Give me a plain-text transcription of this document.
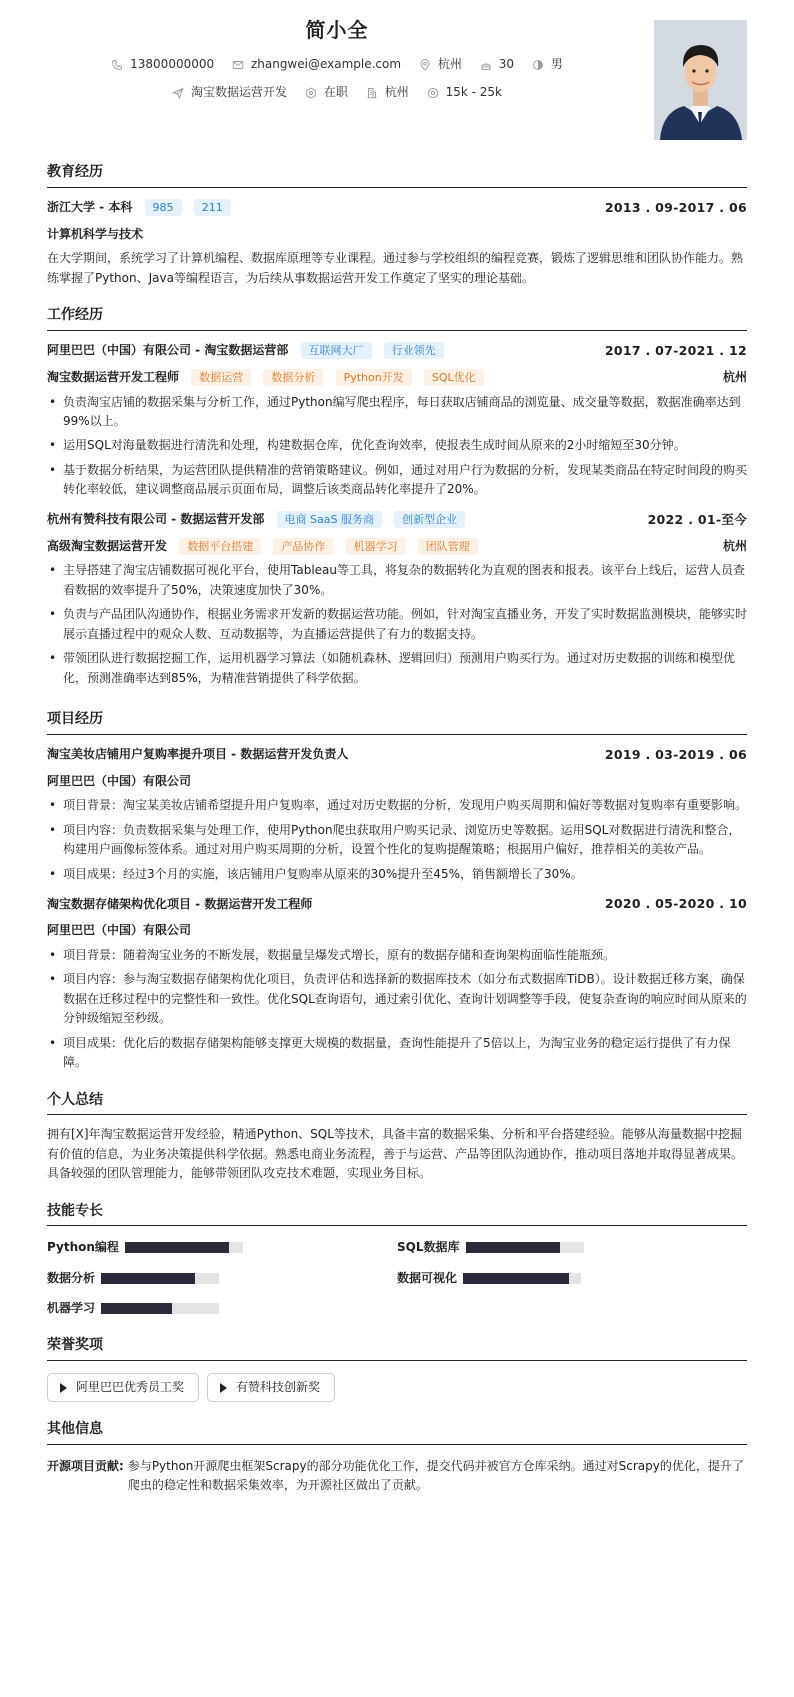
简小全
13800000000
	zhangwei@example.com
	杭州
	30
	男
淘宝数据运营开发
	在职
	杭州
	15k - 25k
教育经历
浙江大学 - 本科 985	211	2013 . 09-2017 . 06
计算机科学与技术
在大学期间，系统学习了计算机编程、数据库原理等专业课程。通过参与学校组织的编程竞赛，锻炼了逻辑思维和团队协作能力。熟练掌握了Python、Java等编程语言，为后续从事数据运营开发工作奠定了坚实的理论基础。
工作经历
阿里巴巴（中国）有限公司 - 淘宝数据运营部 互联网大厂	行业领先	2017 . 07-2021 . 12
淘宝数据运营开发工程师 数据运营	数据分析	Python开发	SQL优化	杭州
• 负责淘宝店铺的数据采集与分析工作，通过Python编写爬虫程序，每日获取店铺商品的浏览量、成交量等数据，数据准确率达到99%以上。
• 运用SQL对海量数据进行清洗和处理，构建数据仓库，优化查询效率，使报表生成时间从原来的2小时缩短至30分钟。
• 基于数据分析结果，为运营团队提供精准的营销策略建议。例如，通过对用户行为数据的分析，发现某类商品在特定时间段的购买转化率较低，建议调整商品展示页面布局，调整后该类商品转化率提升了20%。
杭州有赞科技有限公司 - 数据运营开发部 电商 SaaS 服务商	创新型企业	2022 . 01-至今
高级淘宝数据运营开发 数据平台搭建	产品协作	机器学习	团队管理	杭州
• 主导搭建了淘宝店铺数据可视化平台，使用Tableau等工具，将复杂的数据转化为直观的图表和报表。该平台上线后，运营人员查看数据的效率提升了50%，决策速度加快了30%。
• 负责与产品团队沟通协作，根据业务需求开发新的数据运营功能。例如，针对淘宝直播业务，开发了实时数据监测模块，能够实时展示直播过程中的观众人数、互动数据等，为直播运营提供了有力的数据支持。
• 带领团队进行数据挖掘工作，运用机器学习算法（如随机森林、逻辑回归）预测用户购买行为。通过对历史数据的训练和模型优化，预测准确率达到85%，为精准营销提供了科学依据。
项目经历
淘宝美妆店铺用户复购率提升项目 - 数据运营开发负责人	2019 . 03-2019 . 06
阿里巴巴（中国）有限公司
• 项目背景：淘宝某美妆店铺希望提升用户复购率，通过对历史数据的分析，发现用户购买周期和偏好等数据对复购率有重要影响。
• 项目内容：负责数据采集与处理工作，使用Python爬虫获取用户购买记录、浏览历史等数据。运用SQL对数据进行清洗和整合，构建用户画像标签体系。通过对用户购买周期的分析，设置个性化的复购提醒策略；根据用户偏好，推荐相关的美妆产品。
• 项目成果：经过3个月的实施，该店铺用户复购率从原来的30%提升至45%，销售额增长了30%。
淘宝数据存储架构优化项目 - 数据运营开发工程师	2020 . 05-2020 . 10
阿里巴巴（中国）有限公司
• 项目背景：随着淘宝业务的不断发展，数据量呈爆发式增长，原有的数据存储和查询架构面临性能瓶颈。
• 项目内容：参与淘宝数据存储架构优化项目，负责评估和选择新的数据库技术（如分布式数据库TiDB）。设计数据迁移方案，确保数据在迁移过程中的完整性和一致性。优化SQL查询语句，通过索引优化、查询计划调整等手段，使复杂查询的响应时间从原来的分钟级缩短至秒级。
• 项目成果：优化后的数据存储架构能够支撑更大规模的数据量，查询性能提升了5倍以上，为淘宝业务的稳定运行提供了有力保障。
个人总结
拥有[X]年淘宝数据运营开发经验，精通Python、SQL等技术，具备丰富的数据采集、分析和平台搭建经验。能够从海量数据中挖掘有价值的信息，为业务决策提供科学依据。熟悉电商业务流程，善于与运营、产品等团队沟通协作，推动项目落地并取得显著成果。具备较强的团队管理能力，能够带领团队攻克技术难题，实现业务目标。
技能专长
Python编程	SQL数据库
数据分析	数据可视化
机器学习
荣誉奖项
阿里巴巴优秀员工奖	有赞科技创新奖
其他信息
开源项目贡献: 参与Python开源爬虫框架Scrapy的部分功能优化工作，提交代码并被官方仓库采纳。通过对Scrapy的优化，提升了爬虫的稳定性和数据采集效率，为开源社区做出了贡献。
